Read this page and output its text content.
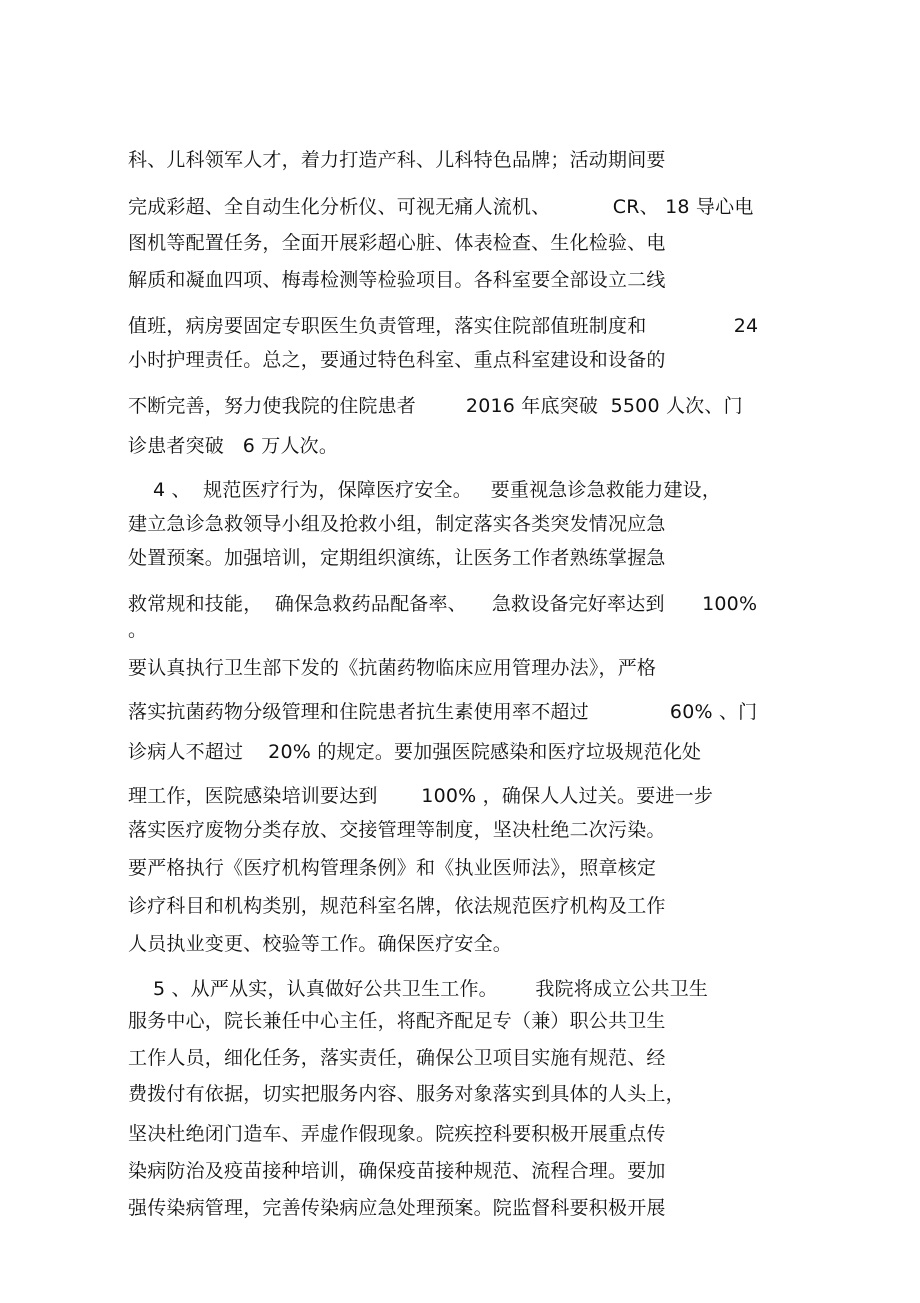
科、儿科领军人才，着力打造产科、儿科特色品牌；活动期间要
完成彩超、全自动生化分析仪、可视无痛人流机、          CR、 18 导心电
图机等配置任务，全面开展彩超心脏、体表检查、生化检验、电
解质和凝血四项、梅毒检测等检验项目。各科室要全部设立二线
值班，病房要固定专职医生负责管理，落实住院部值班制度和              24
小时护理责任。总之，要通过特色科室、重点科室建设和设备的
不断完善，努力使我院的住院患者        2016 年底突破  5500 人次、门
诊患者突破   6 万人次。
4 、  规范医疗行为，保障医疗安全。   要重视急诊急救能力建设，
建立急诊急救领导小组及抢救小组，制定落实各类突发情况应急
处置预案。加强培训，定期组织演练，让医务工作者熟练掌握急
救常规和技能，  确保急救药品配备率、    急救设备完好率达到      100%
。
要认真执行卫生部下发的《抗菌药物临床应用管理办法》，严格
落实抗菌药物分级管理和住院患者抗生素使用率不超过             60% 、门
诊病人不超过    20% 的规定。要加强医院感染和医疗垃圾规范化处
理工作，医院感染培训要达到       100% ，确保人人过关。要进一步
落实医疗废物分类存放、交接管理等制度，坚决杜绝二次污染。
要严格执行《医疗机构管理条例》和《执业医师法》，照章核定
诊疗科目和机构类别，规范科室名牌，依法规范医疗机构及工作
人员执业变更、校验等工作。确保医疗安全。
5 、从严从实，认真做好公共卫生工作。      我院将成立公共卫生
服务中心，院长兼任中心主任，将配齐配足专（兼）职公共卫生
工作人员，细化任务，落实责任，确保公卫项目实施有规范、经
费拨付有依据，切实把服务内容、服务对象落实到具体的人头上，
坚决杜绝闭门造车、弄虚作假现象。院疾控科要积极开展重点传
染病防治及疫苗接种培训，确保疫苗接种规范、流程合理。要加
强传染病管理，完善传染病应急处理预案。院监督科要积极开展
